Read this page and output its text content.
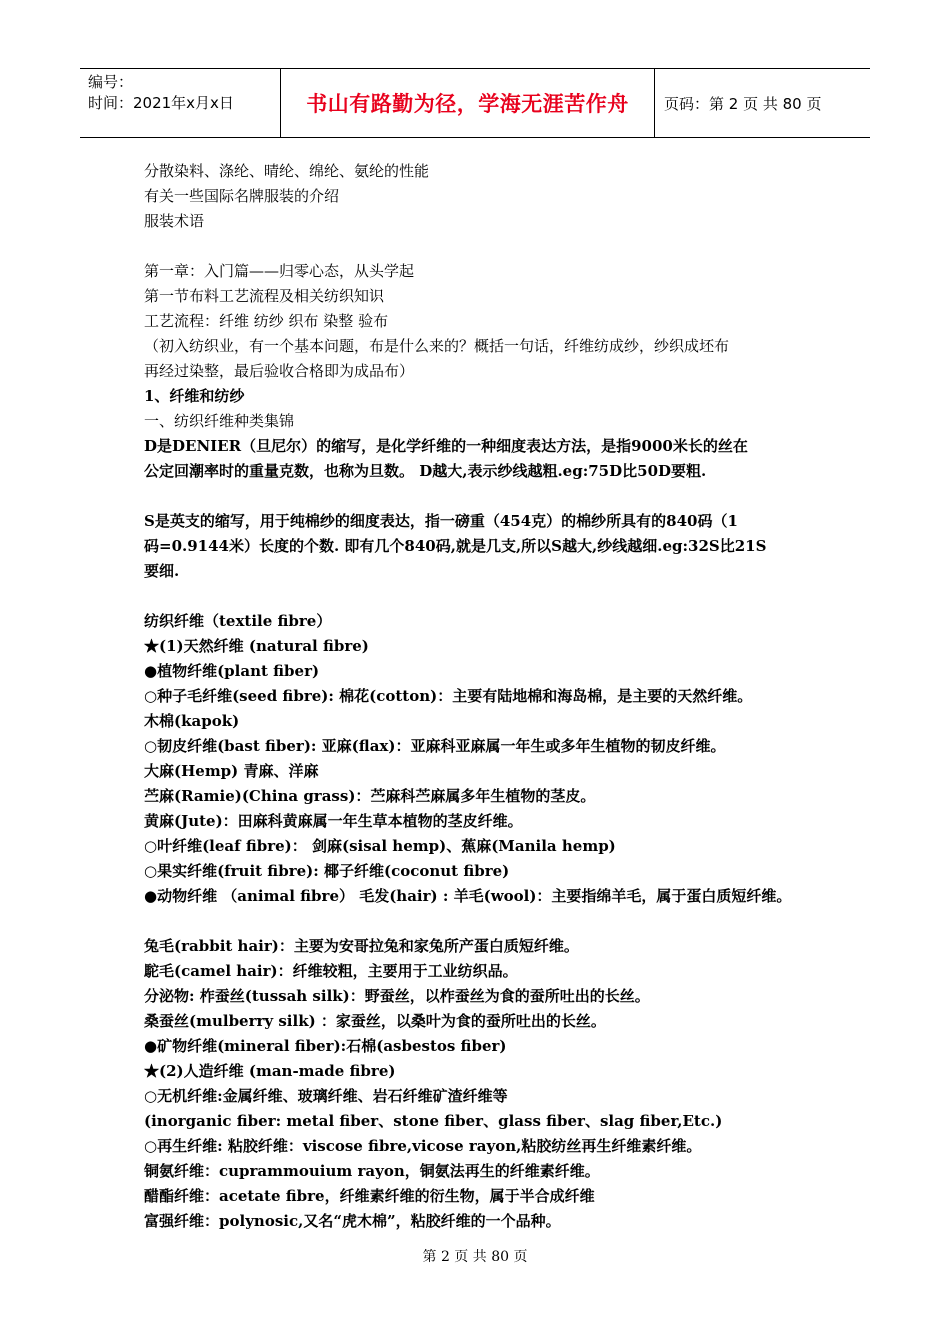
编号：
时间：2021年x月x日	书山有路勤为径，学海无涯苦作舟	页码：第 2 页 共 80 页
分散染料、涤纶、晴纶、绵纶、氨纶的性能
有关一些国际名牌服装的介绍
服装术语
第一章：入门篇——归零心态，从头学起
第一节布料工艺流程及相关纺织知识
工艺流程：纤维 纺纱 织布 染整 验布
（初入纺织业，有一个基本问题，布是什么来的？概括一句话，纤维纺成纱，纱织成坯布
再经过染整，最后验收合格即为成品布）
1、纤维和纺纱
一、纺织纤维种类集锦
D是DENIER（旦尼尔）的缩写，是化学纤维的一种细度表达方法，是指9000米长的丝在
公定回潮率时的重量克数，也称为旦数。 D越大,表示纱线越粗.eg:75D比50D要粗.
S是英支的缩写，用于纯棉纱的细度表达，指一磅重（454克）的棉纱所具有的840码（1
码=0.9144米）长度的个数. 即有几个840码,就是几支,所以S越大,纱线越细.eg:32S比21S
要细.
纺织纤维（textile fibre）
★(1)天然纤维 (natural fibre)
●植物纤维(plant fiber)
○种子毛纤维(seed fibre): 棉花(cotton)：主要有陆地棉和海岛棉，是主要的天然纤维。
木棉(kapok)
○韧皮纤维(bast fiber): 亚麻(flax)：亚麻科亚麻属一年生或多年生植物的韧皮纤维。
大麻(Hemp) 青麻、洋麻
苎麻(Ramie)(China grass)：苎麻科苎麻属多年生植物的茎皮。
黄麻(Jute)：田麻科黄麻属一年生草本植物的茎皮纤维。
○叶纤维(leaf fibre)： 剑麻(sisal hemp)、蕉麻(Manila hemp)
○果实纤维(fruit fibre): 椰子纤维(coconut fibre)
●动物纤维 （animal fibre） 毛发(hair) : 羊毛(wool)：主要指绵羊毛，属于蛋白质短纤维。
兔毛(rabbit hair)：主要为安哥拉兔和家兔所产蛋白质短纤维。
駝毛(camel hair)：纤维较粗，主要用于工业纺织品。
分泌物: 柞蚕丝(tussah silk)：野蚕丝，以柞蚕丝为食的蚕所吐出的长丝。
桑蚕丝(mulberry silk) ：家蚕丝，以桑叶为食的蚕所吐出的长丝。
●矿物纤维(mineral fiber):石棉(asbestos fiber)
★(2)人造纤维 (man-made fibre)
○无机纤维:金属纤维、玻璃纤维、岩石纤维矿渣纤维等
(inorganic fiber: metal fiber、stone fiber、glass fiber、slag fiber,Etc.)
○再生纤维: 粘胶纤维：viscose fibre,vicose rayon,粘胶纺丝再生纤维素纤维。
铜氨纤维：cuprammouium rayon，铜氨法再生的纤维素纤维。
醋酯纤维：acetate fibre，纤维素纤维的衍生物，属于半合成纤维
富强纤维：polynosic,又名“虎木棉”，粘胶纤维的一个品种。
第 2 页 共 80 页
